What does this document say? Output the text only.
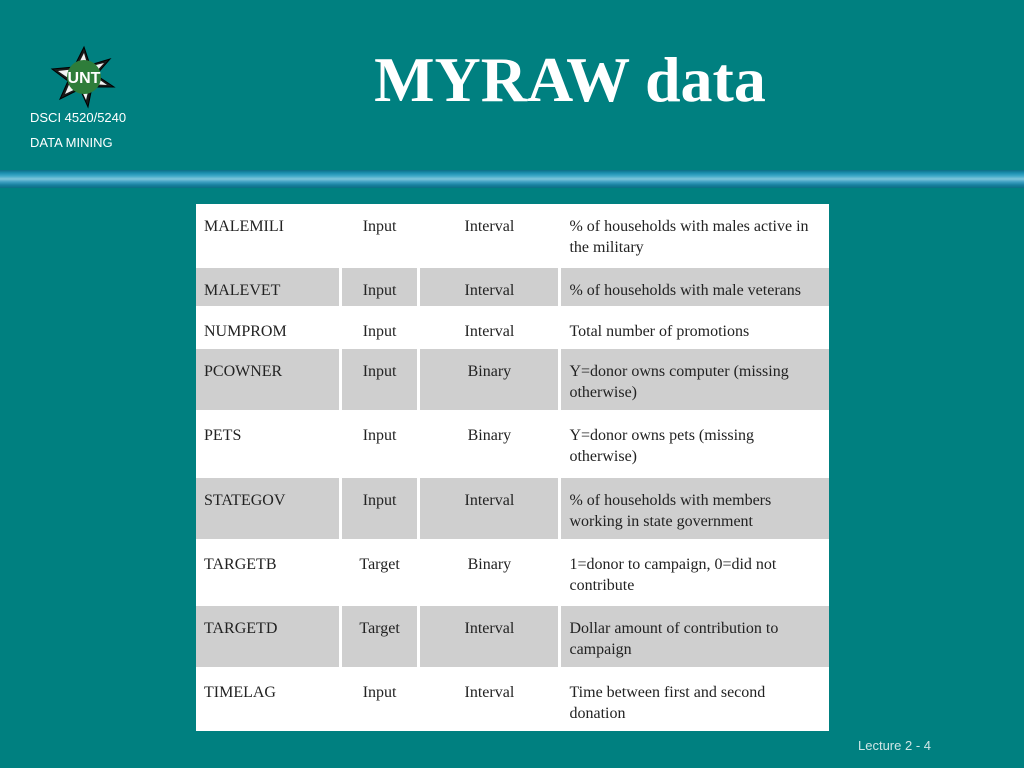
UNT
DSCI 4520/5240
DATA MINING
MYRAW data
MALEMILI	Input	Interval	% of households with males active in the military
MALEVET	Input	Interval	% of households with male veterans
NUMPROM	Input	Interval	Total number of promotions
PCOWNER	Input	Binary	Y=donor owns computer (missing otherwise)
PETS	Input	Binary	Y=donor owns pets (missing otherwise)
STATEGOV	Input	Interval	% of households with members working in state government
TARGETB	Target	Binary	1=donor to campaign, 0=did not contribute
TARGETD	Target	Interval	Dollar amount of contribution to campaign
TIMELAG	Input	Interval	Time between first and second donation
Lecture 2 - 4
